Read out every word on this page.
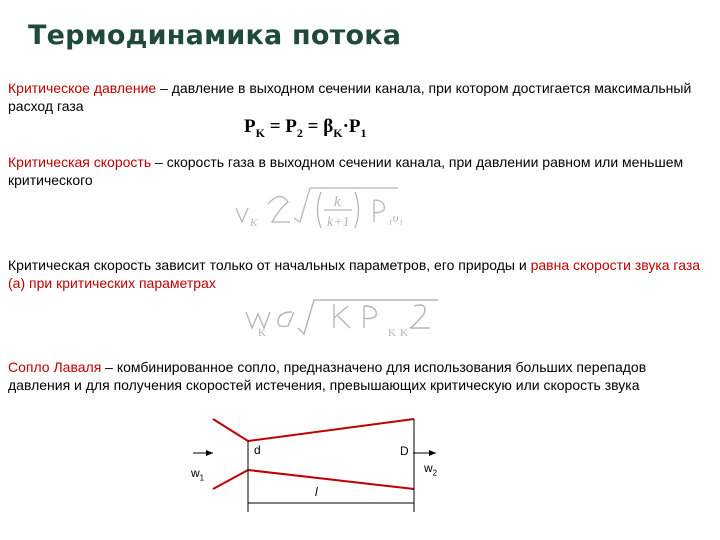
Термодинамика потока
Критическое давление – давление в выходном сечении канала, при котором достигается максимальный расход газа
$P_K = P_2 = \beta_K\cdot P_1$
Критическая скорость – скорость газа в выходном сечении канала, при давлении равном или меньшем критического
k
k+1
K	₁υ₁
Критическая скорость зависит только от начальных параметров, его природы и равна скорости звука газа (а) при критических параметрах
K	K K
Сопло Лаваля – комбинированное сопло, предназначено для использования больших перепадов давления и для получения скоростей истечения, превышающих критическую или скорость звука
d	D
$w_1$
$w_2$
l
